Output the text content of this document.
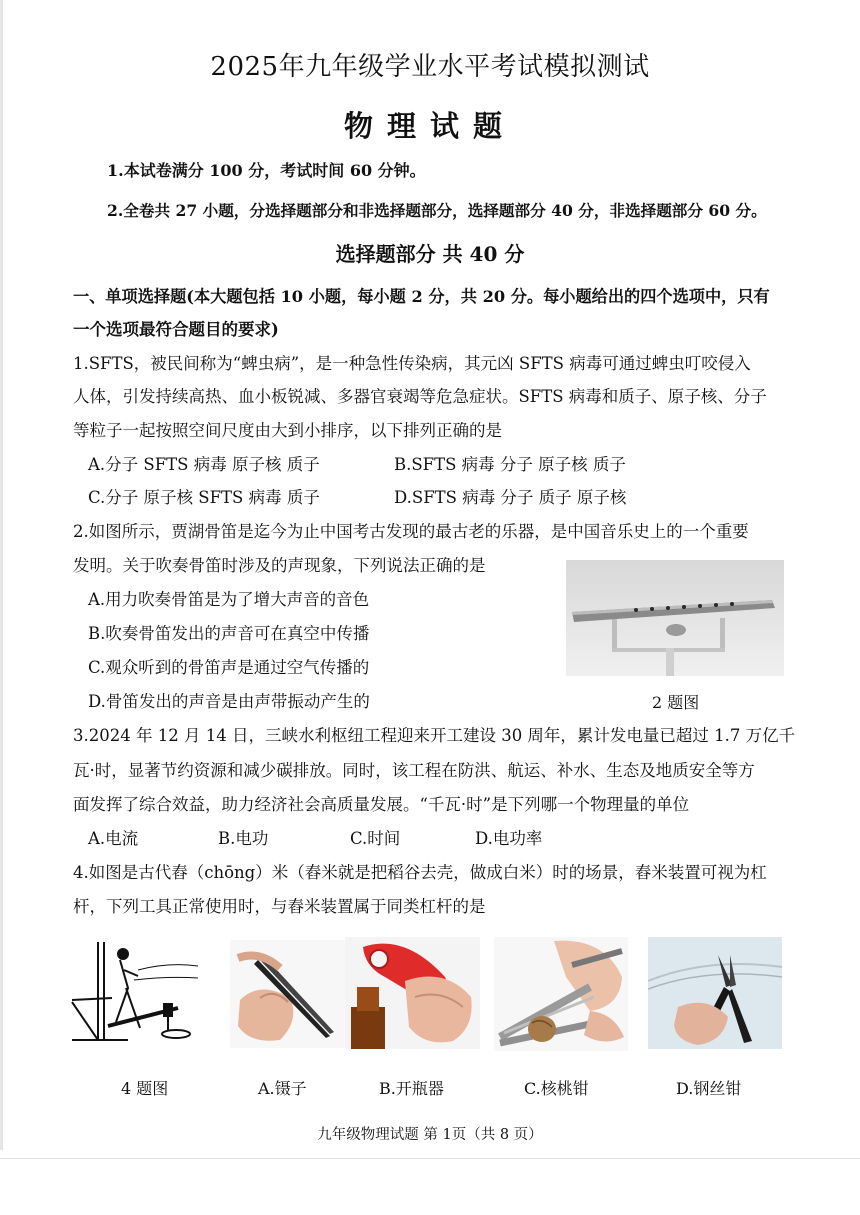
2025年九年级学业水平考试模拟测试
物理试题
1.本试卷满分 100 分，考试时间 60 分钟。
2.全卷共 27 小题，分选择题部分和非选择题部分，选择题部分 40 分，非选择题部分 60 分。
选择题部分 共 40 分
一、单项选择题(本大题包括 10 小题，每小题 2 分，共 20 分。每小题给出的四个选项中，只有
一个选项最符合题目的要求)
1.SFTS，被民间称为“蜱虫病”，是一种急性传染病，其元凶 SFTS 病毒可通过蜱虫叮咬侵入
人体，引发持续高热、血小板锐减、多器官衰竭等危急症状。SFTS 病毒和质子、原子核、分子
等粒子一起按照空间尺度由大到小排序，以下排列正确的是
A.分子 SFTS 病毒 原子核 质子	B.SFTS 病毒 分子 原子核 质子
C.分子 原子核 SFTS 病毒 质子	D.SFTS 病毒 分子 质子 原子核
2.如图所示，贾湖骨笛是迄今为止中国考古发现的最古老的乐器，是中国音乐史上的一个重要
发明。关于吹奏骨笛时涉及的声现象，下列说法正确的是
A.用力吹奏骨笛是为了增大声音的音色
B.吹奏骨笛发出的声音可在真空中传播
C.观众听到的骨笛声是通过空气传播的
D.骨笛发出的声音是由声带振动产生的	2 题图
3.2024 年 12 月 14 日，三峡水利枢纽工程迎来开工建设 30 周年，累计发电量已超过 1.7 万亿千
瓦·时，显著节约资源和减少碳排放。同时，该工程在防洪、航运、补水、生态及地质安全等方
面发挥了综合效益，助力经济社会高质量发展。“千瓦·时”是下列哪一个物理量的单位
A.电流	B.电功	C.时间	D.电功率
4.如图是古代舂（chōng）米（舂米就是把稻谷去壳，做成白米）时的场景，舂米装置可视为杠
杆，下列工具正常使用时，与舂米装置属于同类杠杆的是
4 题图	A.镊子	B.开瓶器	C.核桃钳	D.钢丝钳
九年级物理试题 第 1页（共 8 页）
